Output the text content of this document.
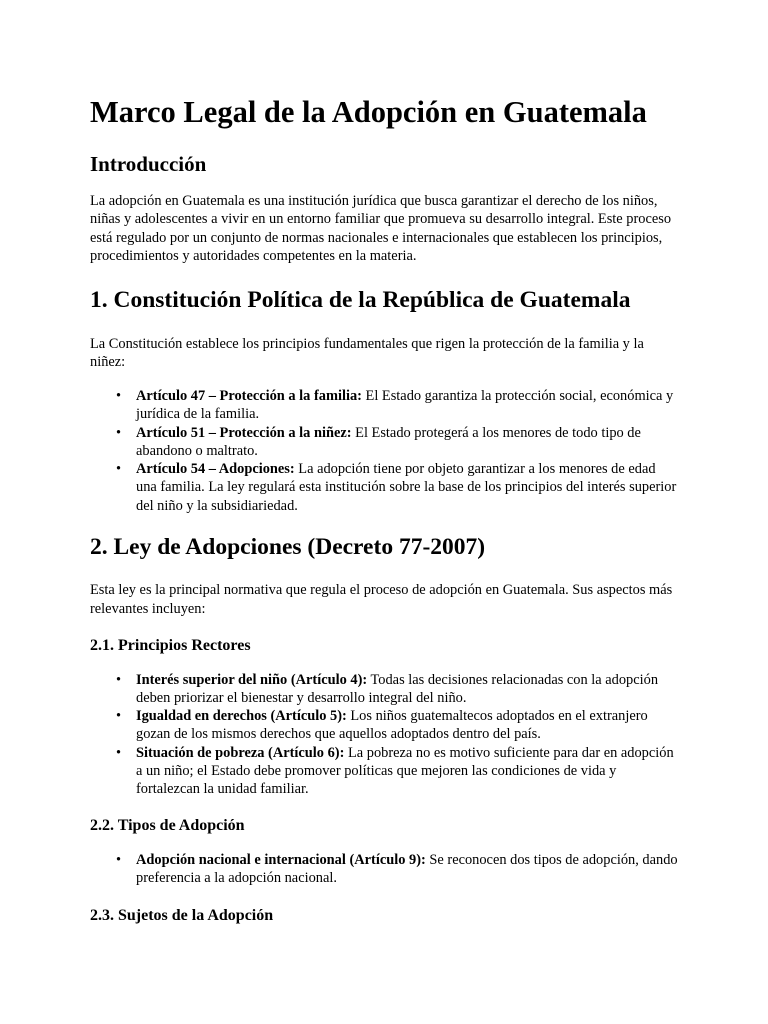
Marco Legal de la Adopción en Guatemala
Introducción

La adopción en Guatemala es una institución jurídica que busca garantizar el derecho de los niños, niñas y adolescentes a vivir en un entorno familiar que promueva su desarrollo integral. Este proceso está regulado por un conjunto de normas nacionales e internacionales que establecen los principios, procedimientos y autoridades competentes en la materia.

1. Constitución Política de la República de Guatemala

La Constitución establece los principios fundamentales que rigen la protección de la familia y la niñez:

• Artículo 47 – Protección a la familia: El Estado garantiza la protección social, económica y jurídica de la familia.
• Artículo 51 – Protección a la niñez: El Estado protegerá a los menores de todo tipo de abandono o maltrato.
• Artículo 54 – Adopciones: La adopción tiene por objeto garantizar a los menores de edad una familia. La ley regulará esta institución sobre la base de los principios del interés superior del niño y la subsidiariedad.
2. Ley de Adopciones (Decreto 77-2007)

Esta ley es la principal normativa que regula el proceso de adopción en Guatemala. Sus aspectos más relevantes incluyen:

2.1. Principios Rectores
• Interés superior del niño (Artículo 4): Todas las decisiones relacionadas con la adopción deben priorizar el bienestar y desarrollo integral del niño.
• Igualdad en derechos (Artículo 5): Los niños guatemaltecos adoptados en el extranjero gozan de los mismos derechos que aquellos adoptados dentro del país.
• Situación de pobreza (Artículo 6): La pobreza no es motivo suficiente para dar en adopción a un niño; el Estado debe promover políticas que mejoren las condiciones de vida y fortalezcan la unidad familiar.
2.2. Tipos de Adopción
• Adopción nacional e internacional (Artículo 9): Se reconocen dos tipos de adopción, dando preferencia a la adopción nacional.
2.3. Sujetos de la Adopción
